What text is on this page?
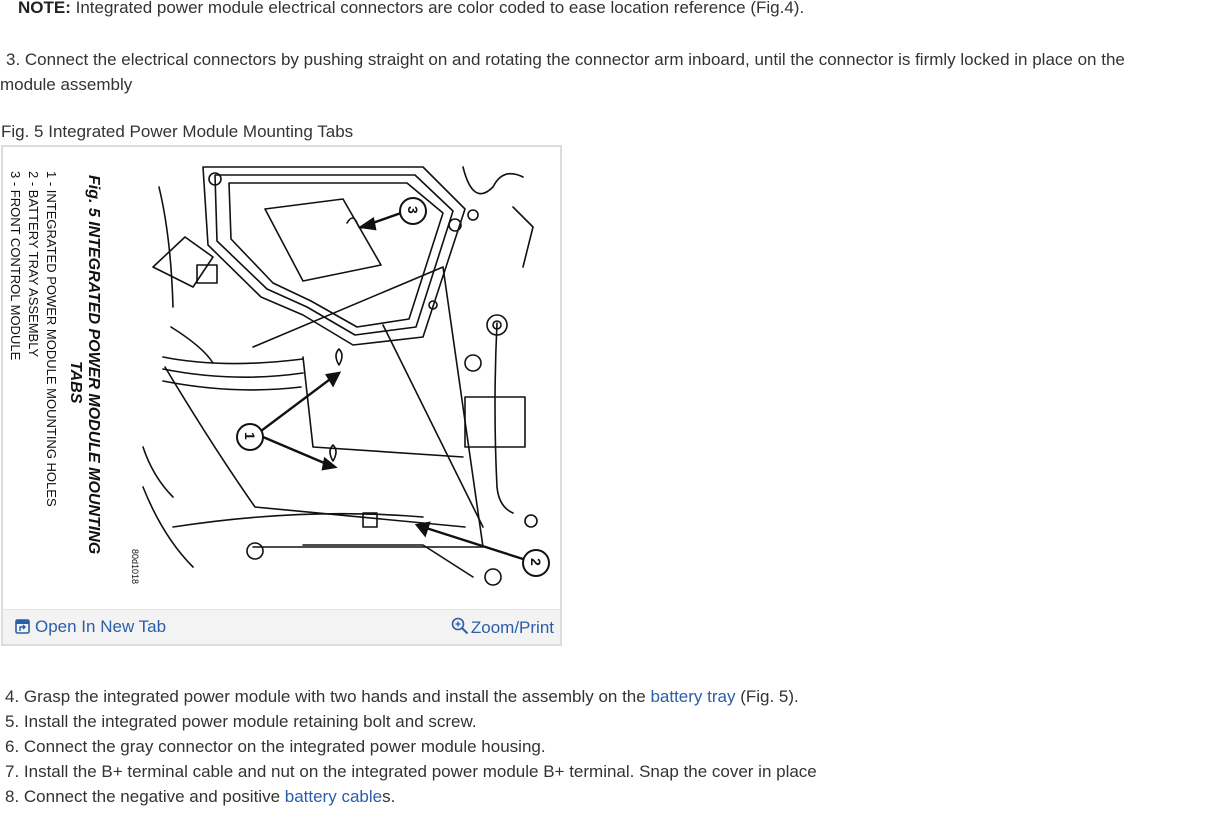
NOTE: Integrated power module electrical connectors are color coded to ease location reference (Fig.4).
3. Connect the electrical connectors by pushing straight on and rotating the connector arm inboard, until the connector is firmly locked in place on the
module assembly
Fig. 5 Integrated Power Module Mounting Tabs
Fig. 5 INTEGRATED POWER MODULE MOUNTING
TABS
1 - INTEGRATED POWER MODULE MOUNTING HOLES
2 - BATTERY TRAY ASSEMBLY
3 - FRONT CONTROL MODULE
80d1018
3
1
2
Open In New Tab	Zoom/Print
4. Grasp the integrated power module with two hands and install the assembly on the battery tray (Fig. 5).
5. Install the integrated power module retaining bolt and screw.
6. Connect the gray connector on the integrated power module housing.
7. Install the B+ terminal cable and nut on the integrated power module B+ terminal. Snap the cover in place
8. Connect the negative and positive battery cables.
